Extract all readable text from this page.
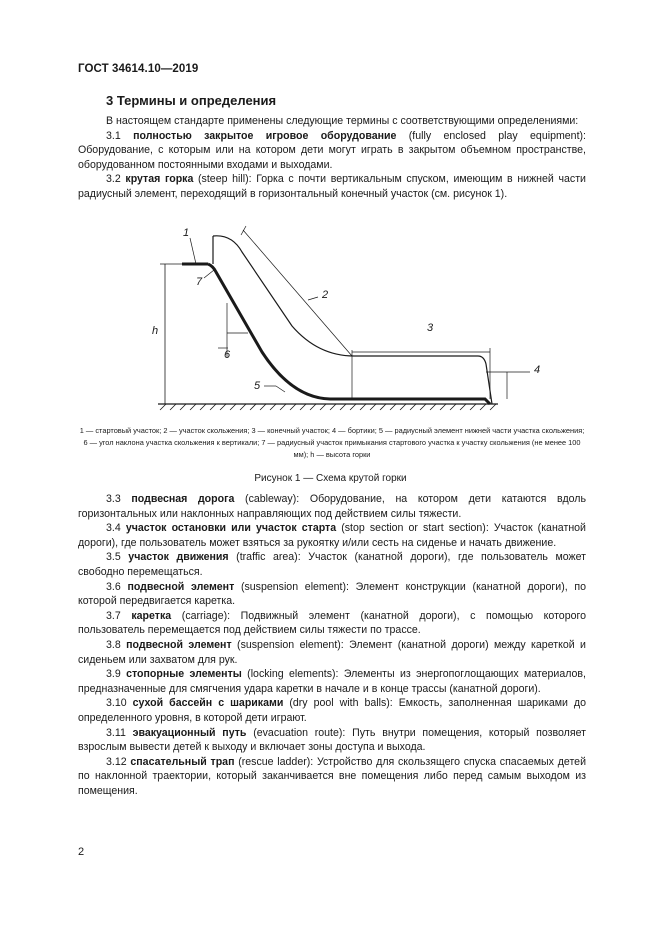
ГОСТ 34614.10—2019
3 Термины и определения

В настоящем стандарте применены следующие термины с соответствующими определениями:

3.1 полностью закрытое игровое оборудование (fully enclosed play equipment): Оборудование, с которым или на котором дети могут играть в закрытом объемном пространстве, оборудованном постоянными входами и выходами.

3.2 крутая горка (steep hill): Горка с почти вертикальным спуском, имеющим в нижней части радиусный элемент, переходящий в горизонтальный конечный участок (см. рисунок 1).

1
2
3
4
5
6
7
h
1 — стартовый участок; 2 — участок скольжения; 3 — конечный участок; 4 — бортики; 5 — радиусный элемент нижней части участка скольжения; 6 — угол наклона участка скольжения к вертикали; 7 — радиусный участок примыкания стартового участка к участку скольжения (не менее 100 мм); h — высота горки
Рисунок 1 — Схема крутой горки

3.3 подвесная дорога (cableway): Оборудование, на котором дети катаются вдоль горизонтальных или наклонных направляющих под действием силы тяжести.

3.4 участок остановки или участок старта (stop section or start section): Участок (канатной дороги), где пользователь может взяться за рукоятку и/или сесть на сиденье и начать движение.

3.5 участок движения (traffic area): Участок (канатной дороги), где пользователь может свободно перемещаться.

3.6 подвесной элемент (suspension element): Элемент конструкции (канатной дороги), по которой передвигается каретка.

3.7 каретка (carriage): Подвижный элемент (канатной дороги), с помощью которого пользователь перемещается под действием силы тяжести по трассе.

3.8 подвесной элемент (suspension element): Элемент (канатной дороги) между кареткой и сиденьем или захватом для рук.

3.9 стопорные элементы (locking elements): Элементы из энергопоглощающих материалов, предназначенные для смягчения удара каретки в начале и в конце трассы (канатной дороги).

3.10 сухой бассейн с шариками (dry pool with balls): Емкость, заполненная шариками до определенного уровня, в которой дети играют.

3.11 эвакуационный путь (evacuation route): Путь внутри помещения, который позволяет взрослым вывести детей к выходу и включает зоны доступа и выхода.

3.12 спасательный трап (rescue ladder): Устройство для скользящего спуска спасаемых детей по наклонной траектории, который заканчивается вне помещения либо перед самым выходом из помещения.

2
